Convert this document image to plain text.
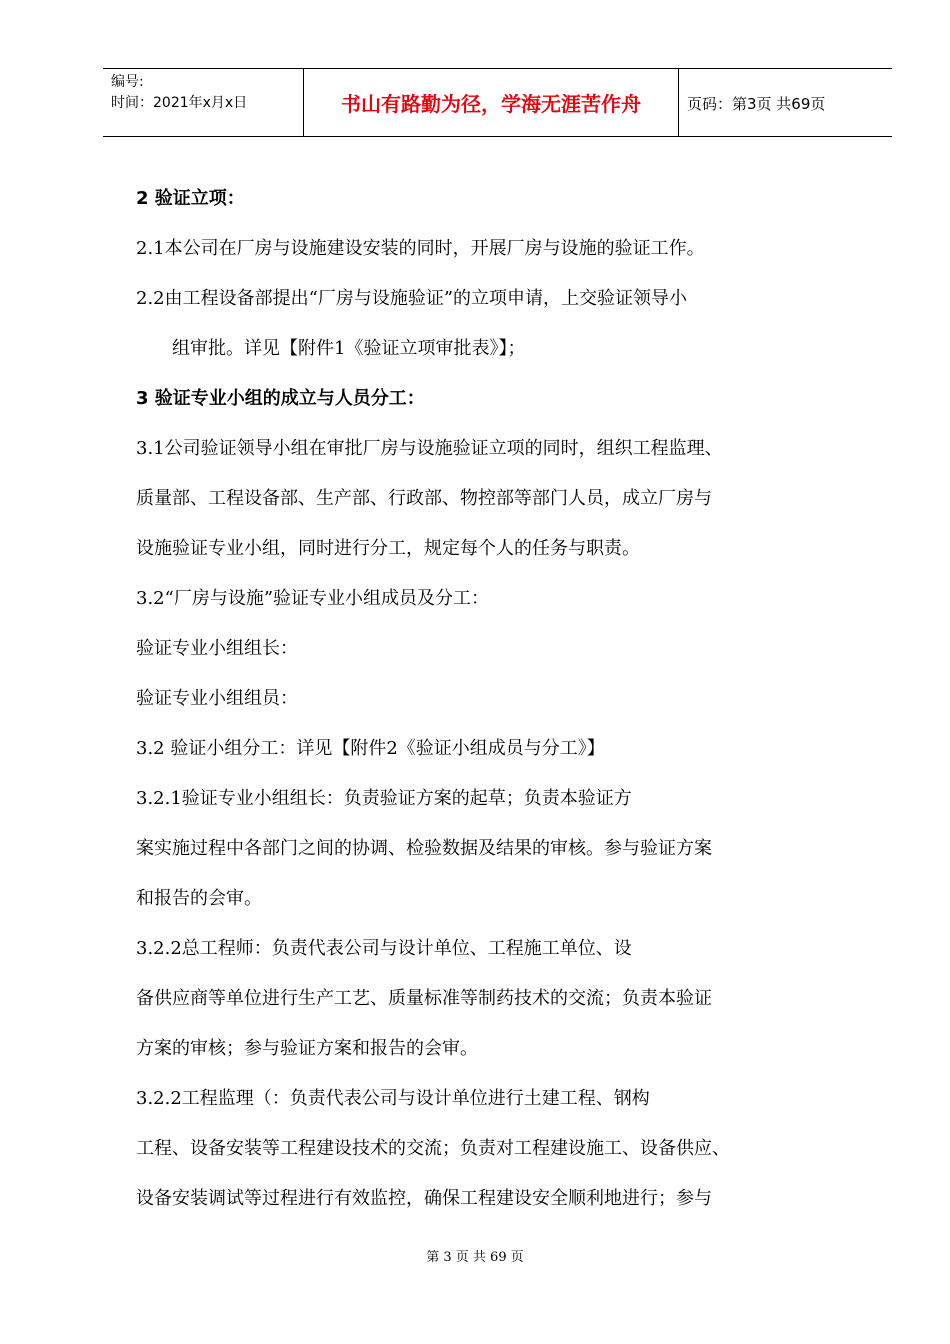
编号:
时间：2021年x月x日	书山有路勤为径，学海无涯苦作舟	页码：第3页 共69页
2 验证立项：
2.1本公司在厂房与设施建设安装的同时，开展厂房与设施的验证工作。
2.2由工程设备部提出“厂房与设施验证”的立项申请，上交验证领导小
组审批。详见【附件1《验证立项审批表》】；
3 验证专业小组的成立与人员分工：
3.1公司验证领导小组在审批厂房与设施验证立项的同时，组织工程监理、
质量部、工程设备部、生产部、行政部、物控部等部门人员，成立厂房与
设施验证专业小组，同时进行分工，规定每个人的任务与职责。
3.2“厂房与设施”验证专业小组成员及分工：
验证专业小组组长：
验证专业小组组员：
3.2 验证小组分工：详见【附件2《验证小组成员与分工》】
3.2.1验证专业小组组长：负责验证方案的起草；负责本验证方
案实施过程中各部门之间的协调、检验数据及结果的审核。参与验证方案
和报告的会审。
3.2.2总工程师：负责代表公司与设计单位、工程施工单位、设
备供应商等单位进行生产工艺、质量标准等制药技术的交流；负责本验证
方案的审核；参与验证方案和报告的会审。
3.2.2工程监理（：负责代表公司与设计单位进行土建工程、钢构
工程、设备安装等工程建设技术的交流；负责对工程建设施工、设备供应、
设备安装调试等过程进行有效监控，确保工程建设安全顺利地进行；参与
第 3 页 共 69 页
